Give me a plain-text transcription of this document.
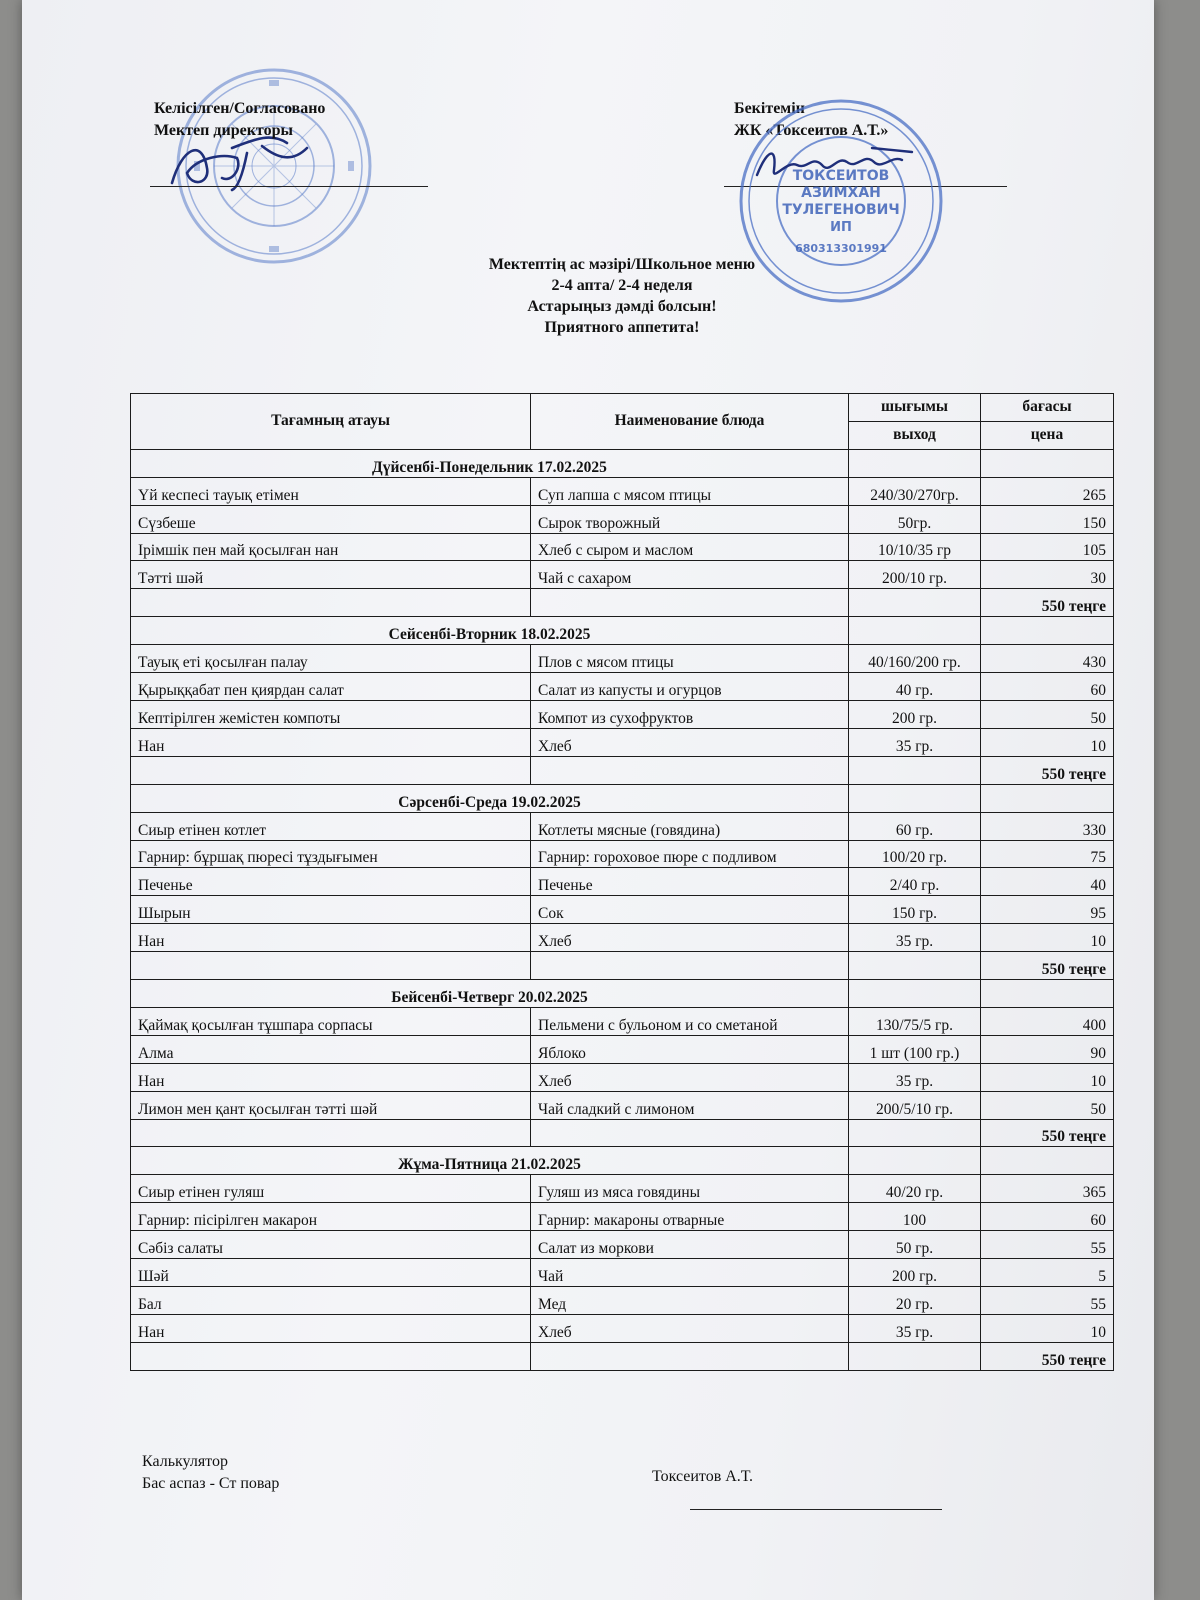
Келісілген/Согласовано
Мектеп директоры
Бекітемін
ЖК «Токсеитов А.Т.»
ТОКСЕИТОВ
АЗИМХАН
ТУЛЕГЕНОВИЧ
ИП
680313301991
Мектептің ас мәзірі/Школьное меню
2-4 апта/ 2-4 неделя
Астарыңыз дәмді болсын!
Приятного аппетита!
Тағамның атауы	Наименование блюда	шығымы	бағасы
		выход	цена
Дүйсенбі-Понедельник 17.02.2025			
Үй кеспесі тауық етімен	Суп лапша с мясом птицы	240/30/270гр.	265
Сүзбеше	Сырок творожный	50гр.	150
Ірімшік пен май қосылған нан	Хлеб с сыром и маслом	10/10/35 гр	105
Тәтті шәй	Чай с сахаром	200/10 гр.	30
			550 теңге
Сейсенбі-Вторник 18.02.2025			
Тауық еті қосылған палау	Плов с мясом птицы	40/160/200 гр.	430
Қырыққабат пен қиярдан салат	Салат из капусты и огурцов	40 гр.	60
Кептірілген жемістен компоты	Компот из сухофруктов	200 гр.	50
Нан	Хлеб	35 гр.	10
			550 теңге
Сәрсенбі-Среда 19.02.2025			
Сиыр етінен котлет	Котлеты мясные (говядина)	60 гр.	330
Гарнир: бұршақ пюресі тұздығымен	Гарнир: гороховое пюре с подливом	100/20 гр.	75
Печенье	Печенье	2/40 гр.	40
Шырын	Сок	150 гр.	95
Нан	Хлеб	35 гр.	10
			550 теңге
Бейсенбі-Четверг 20.02.2025			
Қаймақ қосылған тұшпара сорпасы	Пельмени с бульоном и со сметаной	130/75/5 гр.	400
Алма	Яблоко	1 шт (100 гр.)	90
Нан	Хлеб	35 гр.	10
Лимон мен қант қосылған тәтті шәй	Чай сладкий с лимоном	200/5/10 гр.	50
			550 теңге
Жұма-Пятница 21.02.2025			
Сиыр етінен гуляш	Гуляш из мяса говядины	40/20 гр.	365
Гарнир: пісірілген макарон	Гарнир: макароны отварные	100	60
Сәбіз салаты	Салат из моркови	50 гр.	55
Шәй	Чай	200 гр.	5
Бал	Мед	20 гр.	55
Нан	Хлеб	35 гр.	10
			550 теңге
Калькулятор
Бас аспаз - Ст повар	Токсеитов А.Т.
